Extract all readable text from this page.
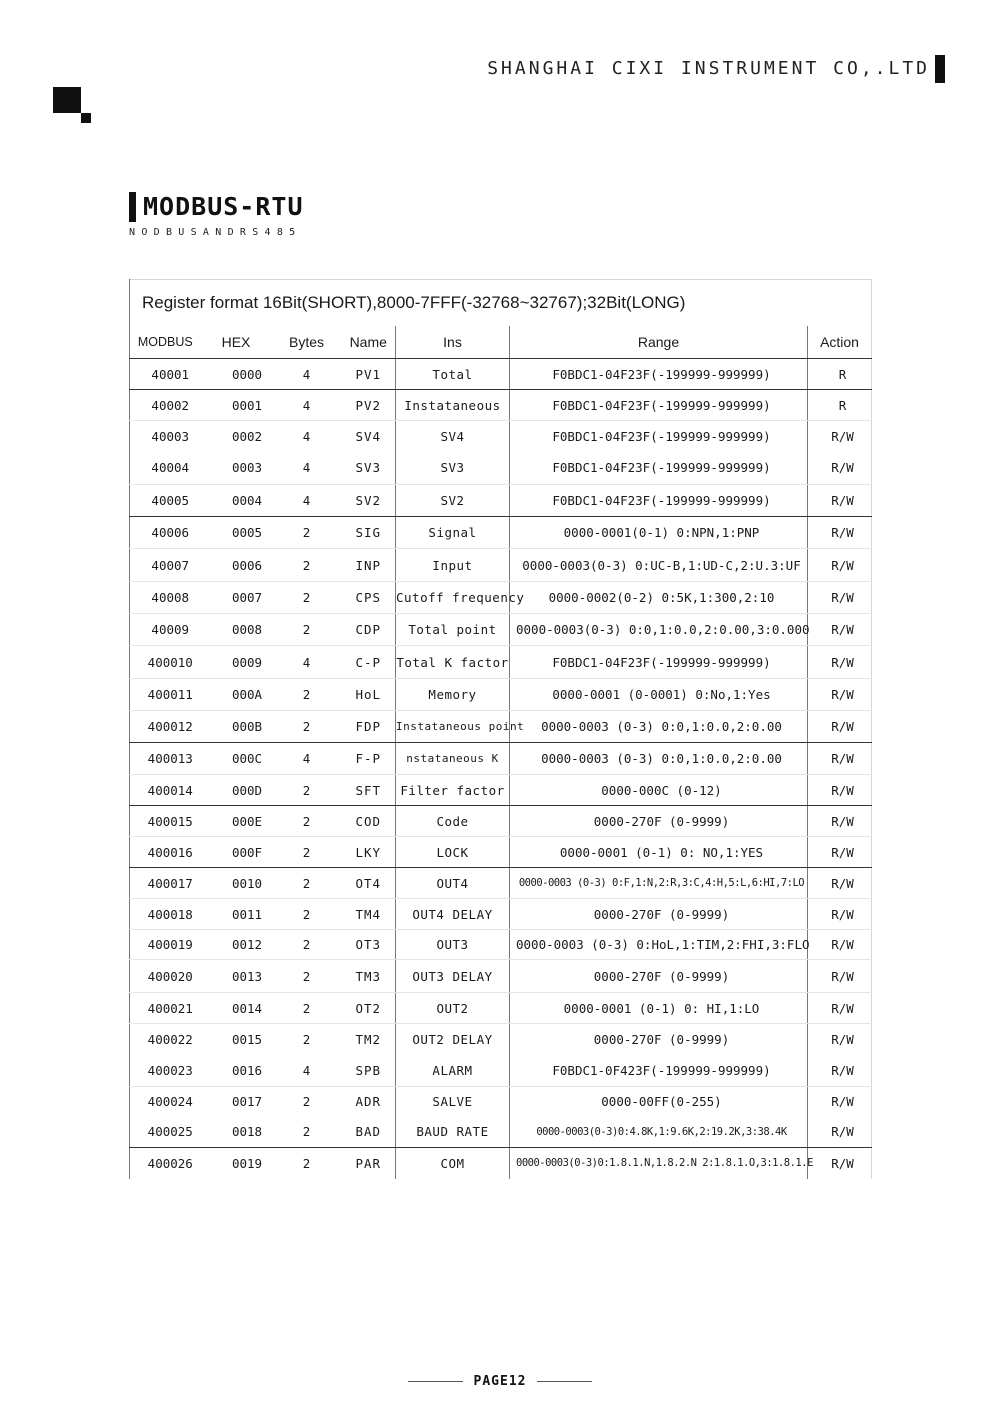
SHANGHAI CIXI INSTRUMENT CO,.LTD
MODBUS-RTU
NODBUSANDRS485
Register format 16Bit(SHORT),8000-7FFF(-32768~32767);32Bit(LONG)						
MODBUS	HEX	Bytes	Name	Ins	Range	Action
40001	0000	4	PV1	Total	F0BDC1-04F23F(-199999-999999)	R
40002	0001	4	PV2	Instataneous	F0BDC1-04F23F(-199999-999999)	R
40003	0002	4	SV4	SV4	F0BDC1-04F23F(-199999-999999)	R/W
40004	0003	4	SV3	SV3	F0BDC1-04F23F(-199999-999999)	R/W
40005	0004	4	SV2	SV2	F0BDC1-04F23F(-199999-999999)	R/W
40006	0005	2	SIG	Signal	0000-0001(0-1) 0:NPN,1:PNP	R/W
40007	0006	2	INP	Input	0000-0003(0-3) 0:UC-B,1:UD-C,2:U.3:UF	R/W
40008	0007	2	CPS	Cutoff frequency	0000-0002(0-2) 0:5K,1:300,2:10	R/W
40009	0008	2	CDP	Total point	0000-0003(0-3) 0:0,1:0.0,2:0.00,3:0.000	R/W
400010	0009	4	C-P	Total K factor	F0BDC1-04F23F(-199999-999999)	R/W
400011	000A	2	HoL	Memory	0000-0001 (0-0001) 0:No,1:Yes	R/W
400012	000B	2	FDP	Instataneous point	0000-0003 (0-3) 0:0,1:0.0,2:0.00	R/W
400013	000C	4	F-P	nstataneous K	0000-0003 (0-3) 0:0,1:0.0,2:0.00	R/W
400014	000D	2	SFT	Filter factor	0000-000C (0-12)	R/W
400015	000E	2	COD	Code	0000-270F (0-9999)	R/W
400016	000F	2	LKY	LOCK	0000-0001 (0-1) 0: NO,1:YES	R/W
400017	0010	2	OT4	OUT4	0000-0003 (0-3) 0:F,1:N,2:R,3:C,4:H,5:L,6:HI,7:LO	R/W
400018	0011	2	TM4	OUT4 DELAY	0000-270F (0-9999)	R/W
400019	0012	2	OT3	OUT3	0000-0003 (0-3) 0:HoL,1:TIM,2:FHI,3:FLO	R/W
400020	0013	2	TM3	OUT3 DELAY	0000-270F (0-9999)	R/W
400021	0014	2	OT2	OUT2	0000-0001 (0-1) 0: HI,1:LO	R/W
400022	0015	2	TM2	OUT2 DELAY	0000-270F (0-9999)	R/W
400023	0016	4	SPB	ALARM	F0BDC1-0F423F(-199999-999999)	R/W
400024	0017	2	ADR	SALVE	0000-00FF(0-255)	R/W
400025	0018	2	BAD	BAUD RATE	0000-0003(0-3)0:4.8K,1:9.6K,2:19.2K,3:38.4K	R/W
400026	0019	2	PAR	COM	0000-0003(0-3)0:1.8.1.N,1.8.2.N 2:1.8.1.O,3:1.8.1.E	R/W
PAGE12
